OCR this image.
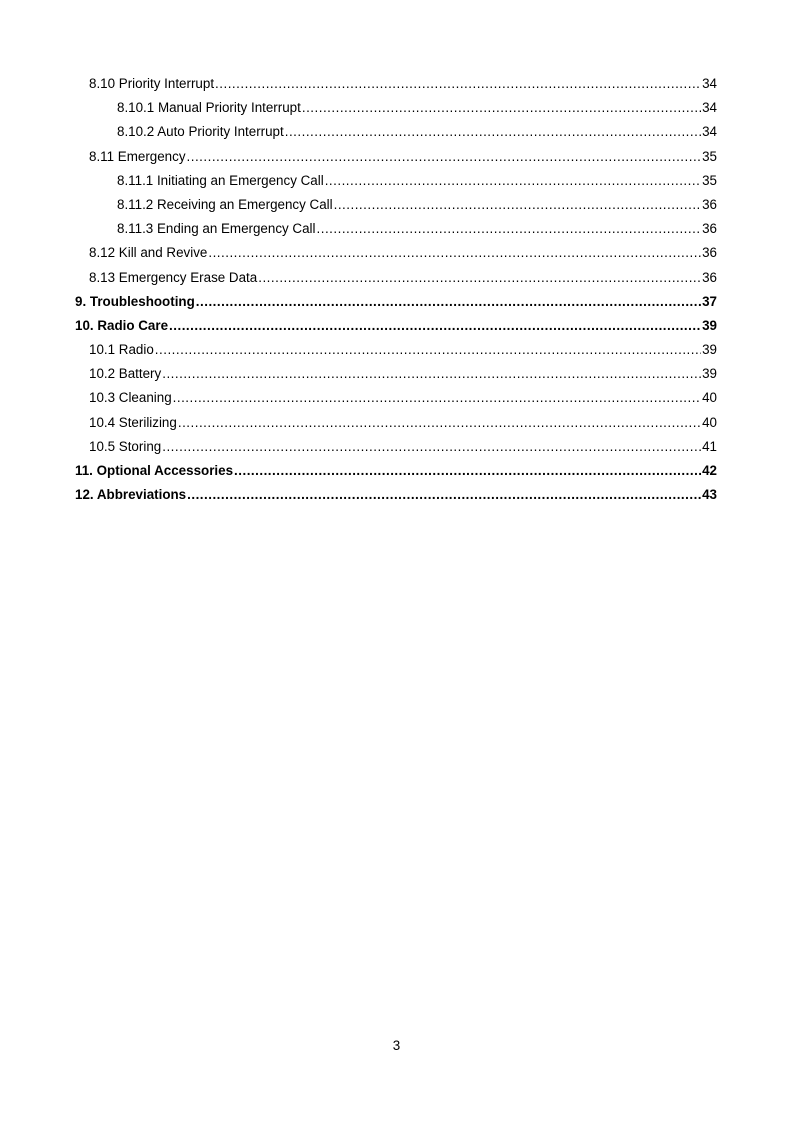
8.10 Priority Interrupt .....	34
8.10.1 Manual Priority Interrupt .....	34
8.10.2 Auto Priority Interrupt .....	34
8.11 Emergency .....	35
8.11.1 Initiating an Emergency Call .....	35
8.11.2 Receiving an Emergency Call .....	36
8.11.3 Ending an Emergency Call .....	36
8.12 Kill and Revive .....	36
8.13 Emergency Erase Data .....	36
9. Troubleshooting .....	37
10. Radio Care .....	39
10.1 Radio .....	39
10.2 Battery .....	39
10.3 Cleaning .....	40
10.4 Sterilizing .....	40
10.5 Storing .....	41
11. Optional Accessories .....	42
12. Abbreviations .....	43
3
